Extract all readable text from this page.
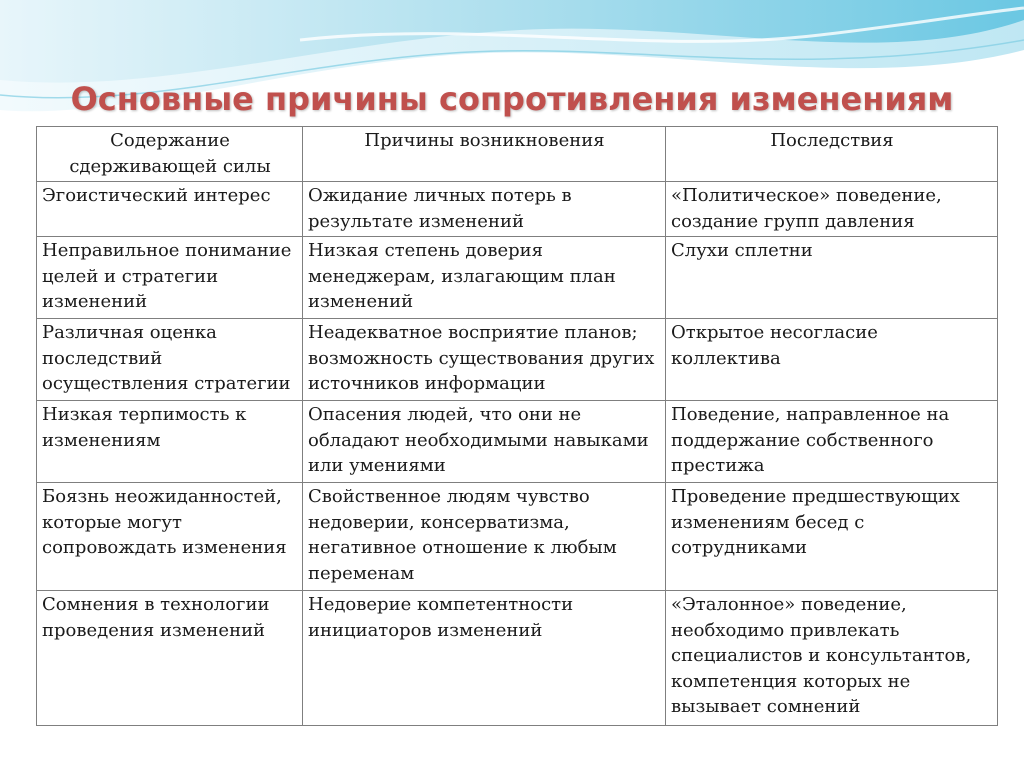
Основные причины сопротивления изменениям
Содержание сдерживающей силы	Причины возникновения	Последствия
Эгоистический интерес	Ожидание личных потерь в результате изменений	«Политическое» поведение, создание групп давления
Неправильное понимание целей и стратегии изменений	Низкая степень доверия менеджерам, излагающим план изменений	Слухи сплетни
Различная оценка последствий осуществления стратегии	Неадекватное восприятие планов; возможность существования других источников информации	Открытое несогласие коллектива
Низкая терпимость к изменениям	Опасения людей, что они не обладают необходимыми навыками или умениями	Поведение, направленное на поддержание собственного престижа
Боязнь неожиданностей, которые могут сопровождать изменения	Свойственное людям чувство недоверии, консерватизма, негативное отношение к любым переменам	Проведение предшествующих изменениям бесед с сотрудниками
Сомнения в технологии проведения изменений	Недоверие компетентности инициаторов изменений	«Эталонное» поведение, необходимо привлекать специалистов и консультантов, компетенция которых не вызывает сомнений
